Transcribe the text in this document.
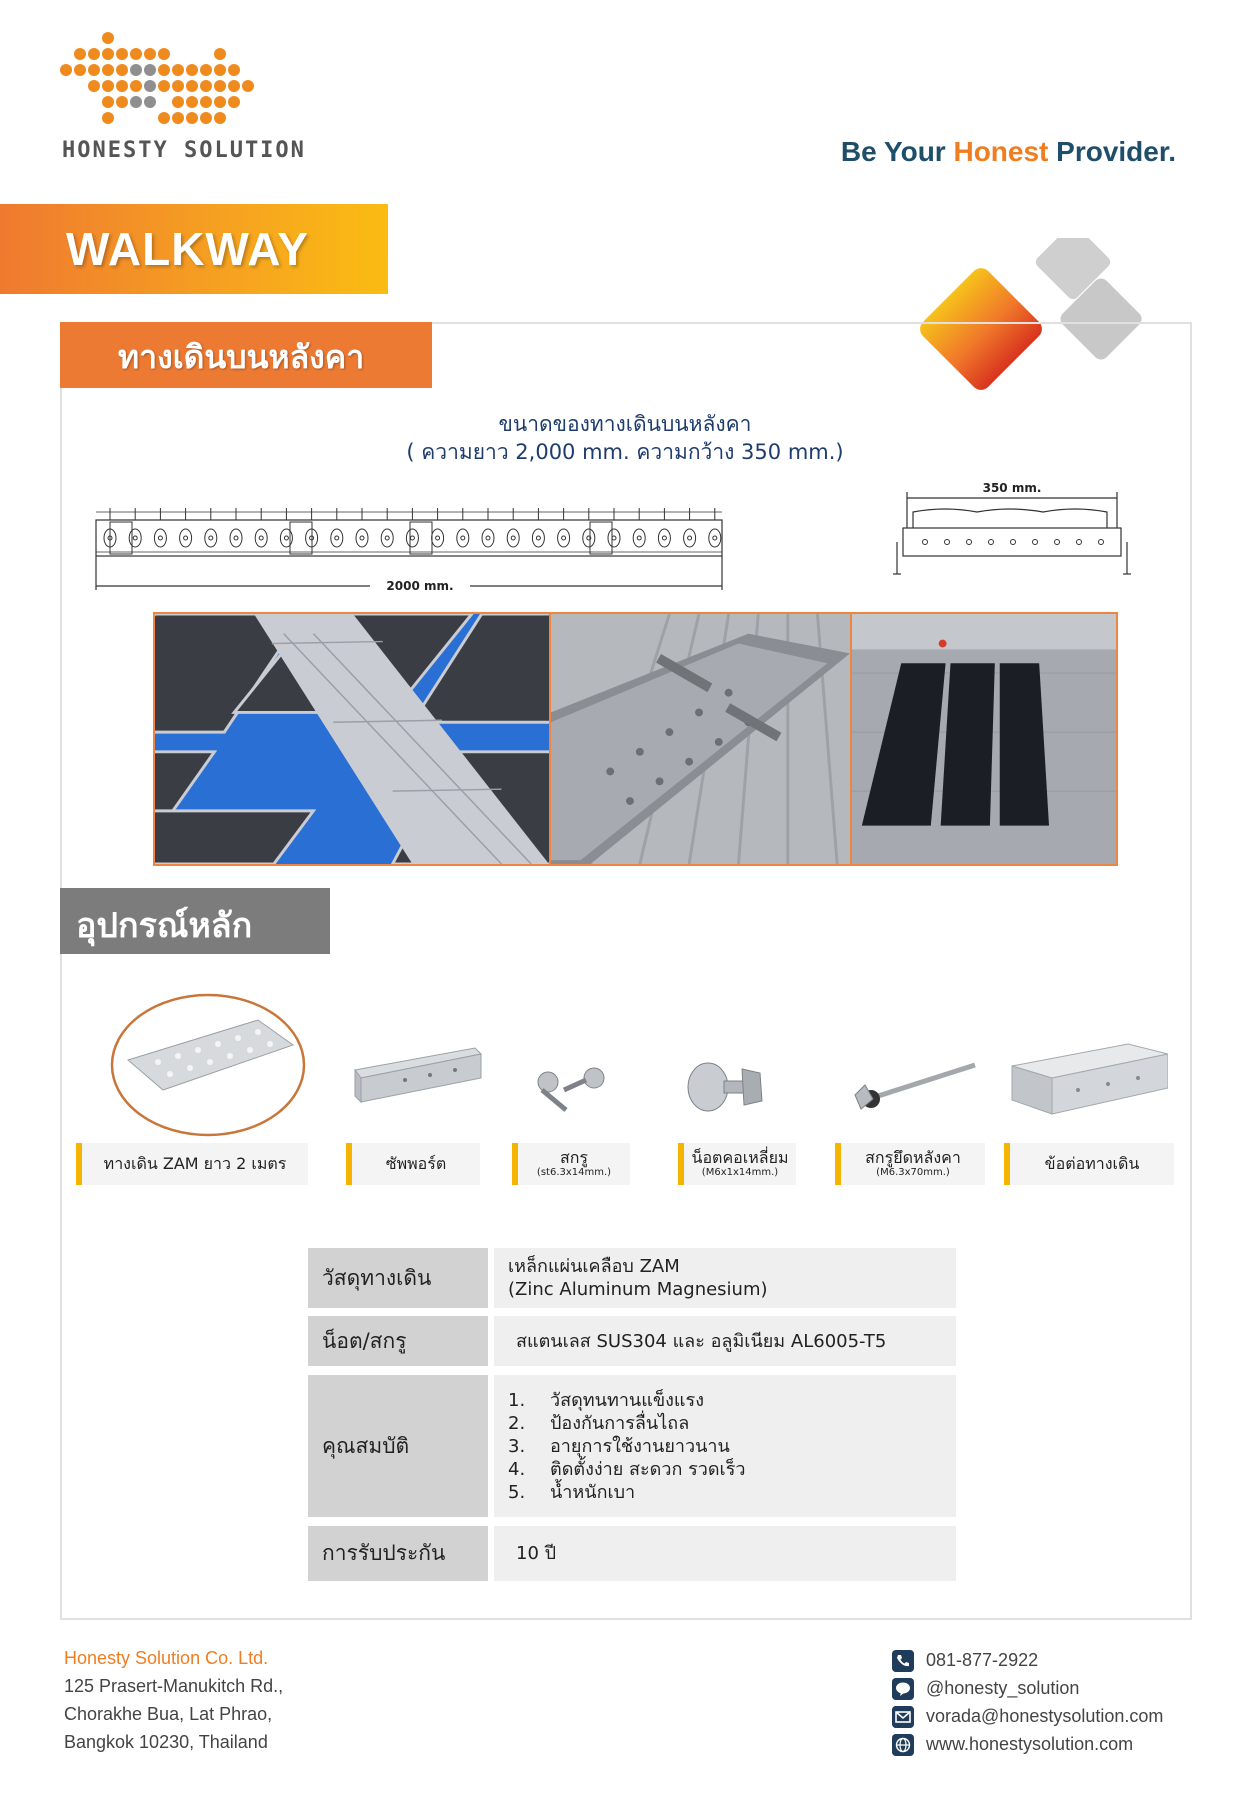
HONESTY SOLUTION	Be Your Honest Provider.
WALKWAY
ทางเดินบนหลังคา
ขนาดของทางเดินบนหลังคา
( ความยาว 2,000 mm. ความกว้าง 350 mm.)
2000 mm.
350 mm.
อุปกรณ์หลัก
ทางเดิน ZAM ยาว 2 เมตร	ซัพพอร์ต	สกรู
(st6.3x14mm.)
น็อตคอเหลี่ยม
(M6x1x14mm.)
สกรูยึดหลังคา
(M6.3x70mm.)	ข้อต่อทางเดิน
วัสดุทางเดิน	เหล็กแผ่นเคลือบ ZAM
(Zinc Aluminum Magnesium)
น็อต/สกรู	สแตนเลส SUS304 และ อลูมิเนียม AL6005-T5
คุณสมบัติ
1.	วัสดุทนทานแข็งแรง
2.	ป้องกันการลื่นไถล
3.	อายุการใช้งานยาวนาน
4.	ติดตั้งง่าย สะดวก รวดเร็ว
5.	น้ำหนักเบา
การรับประกัน	10 ปี
Honesty Solution Co. Ltd.
125 Prasert-Manukitch Rd.,
Chorakhe Bua, Lat Phrao,
Bangkok 10230, Thailand
081-877-2922
@honesty_solution
vorada@honestysolution.com
www.honestysolution.com
